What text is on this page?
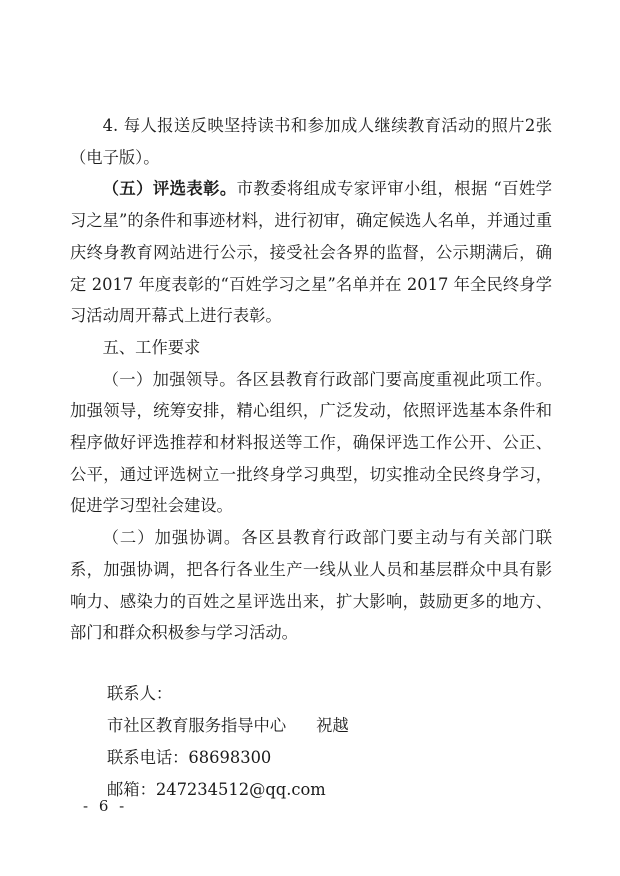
4. 每人报送反映坚持读书和参加成人继续教育活动的照片2张（电子版）。

（五）评选表彰。市教委将组成专家评审小组，根据 “百姓学习之星”的条件和事迹材料，进行初审，确定候选人名单，并通过重庆终身教育网站进行公示，接受社会各界的监督，公示期满后，确定 2017 年度表彰的“百姓学习之星”名单并在 2017 年全民终身学习活动周开幕式上进行表彰。

五、工作要求

（一）加强领导。各区县教育行政部门要高度重视此项工作。加强领导，统筹安排，精心组织，广泛发动，依照评选基本条件和程序做好评选推荐和材料报送等工作，确保评选工作公开、公正、公平，通过评选树立一批终身学习典型，切实推动全民终身学习，促进学习型社会建设。

（二）加强协调。各区县教育行政部门要主动与有关部门联系，加强协调，把各行各业生产一线从业人员和基层群众中具有影响力、感染力的百姓之星评选出来，扩大影响，鼓励更多的地方、部门和群众积极参与学习活动。

联系人：

市社区教育服务指导中心 祝越

联系电话：68698300

邮箱：247234512@qq.com

- 6 -
